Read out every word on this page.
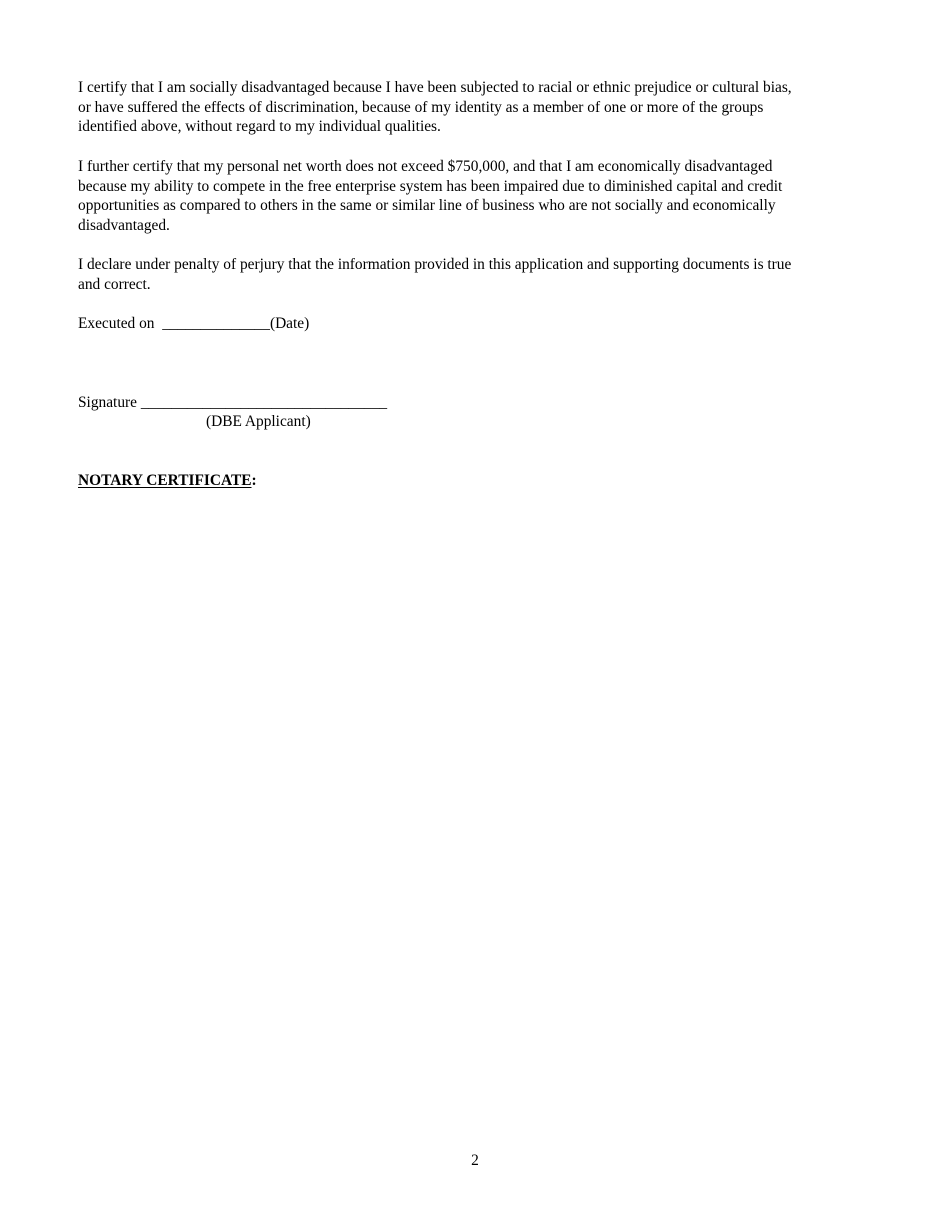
I certify that I am socially disadvantaged because I have been subjected to racial or ethnic prejudice or cultural bias,
or have suffered the effects of discrimination, because of my identity as a member of one or more of the groups
identified above, without regard to my individual qualities.
I further certify that my personal net worth does not exceed $750,000, and that I am economically disadvantaged
because my ability to compete in the free enterprise system has been impaired due to diminished capital and credit
opportunities as compared to others in the same or similar line of business who are not socially and economically
disadvantaged.
I declare under penalty of perjury that the information provided in this application and supporting documents is true
and correct.
Executed on ______________(Date)
Signature ________________________________
(DBE Applicant)
NOTARY CERTIFICATE:
2
